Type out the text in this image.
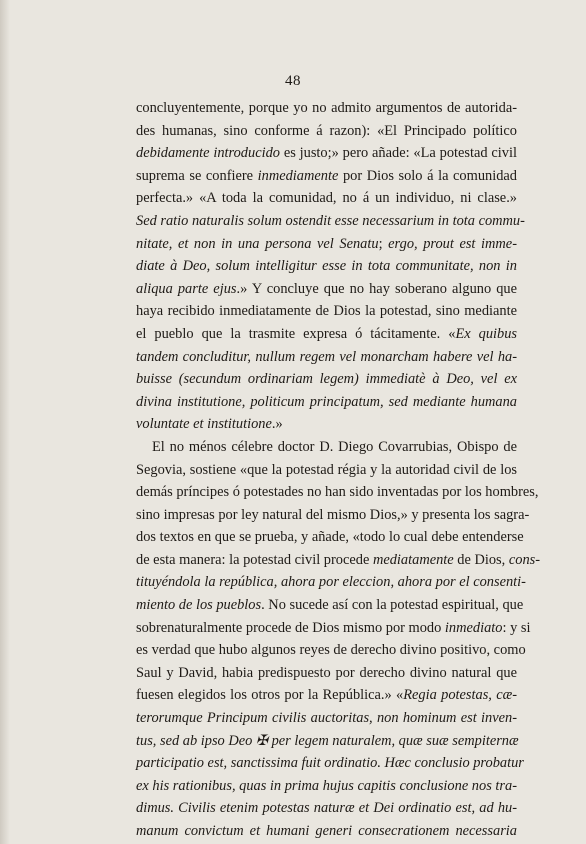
48
concluyentemente, porque yo no admito argumentos de autorida-
des humanas, sino conforme á razon): «El Principado político
debidamente introducido es justo;» pero añade: «La potestad civil
suprema se confiere inmediamente por Dios solo á la comunidad
perfecta.» «A toda la comunidad, no á un individuo, ni clase.»
Sed ratio naturalis solum ostendit esse necessarium in tota commu-
nitate, et non in una persona vel Senatu; ergo, prout est imme-
diate à Deo, solum intelligitur esse in tota communitate, non in
aliqua parte ejus.» Y concluye que no hay soberano alguno que
haya recibido inmediatamente de Dios la potestad, sino mediante
el pueblo que la trasmite expresa ó tácitamente. «Ex quibus
tandem concluditur, nullum regem vel monarcham habere vel ha-
buisse (secundum ordinariam legem) immediatè à Deo, vel ex
divina institutione, politicum principatum, sed mediante humana
voluntate et institutione.»
El no ménos célebre doctor D. Diego Covarrubias, Obispo de
Segovia, sostiene «que la potestad régia y la autoridad civil de los
demás príncipes ó potestades no han sido inventadas por los hombres,
sino impresas por ley natural del mismo Dios,» y presenta los sagra-
dos textos en que se prueba, y añade, «todo lo cual debe entenderse
de esta manera: la potestad civil procede mediatamente de Dios, cons-
tituyéndola la república, ahora por eleccion, ahora por el consenti-
miento de los pueblos. No sucede así con la potestad espiritual, que
sobrenaturalmente procede de Dios mismo por modo inmediato: y si
es verdad que hubo algunos reyes de derecho divino positivo, como
Saul y David, habia predispuesto por derecho divino natural que
fuesen elegidos los otros por la República.» «Regia potestas, cæ-
terorumque Principum civilis auctoritas, non hominum est inven-
tus, sed ab ipso Deo ✠ per legem naturalem, quæ suæ sempiternæ
participatio est, sanctissima fuit ordinatio. Hæc conclusio probatur
ex his rationibus, quas in prima hujus capitis conclusione nos tra-
dimus. Civilis etenim potestas naturæ et Dei ordinatio est, ad hu-
manum convictum et humani generi consecrationem necessaria
